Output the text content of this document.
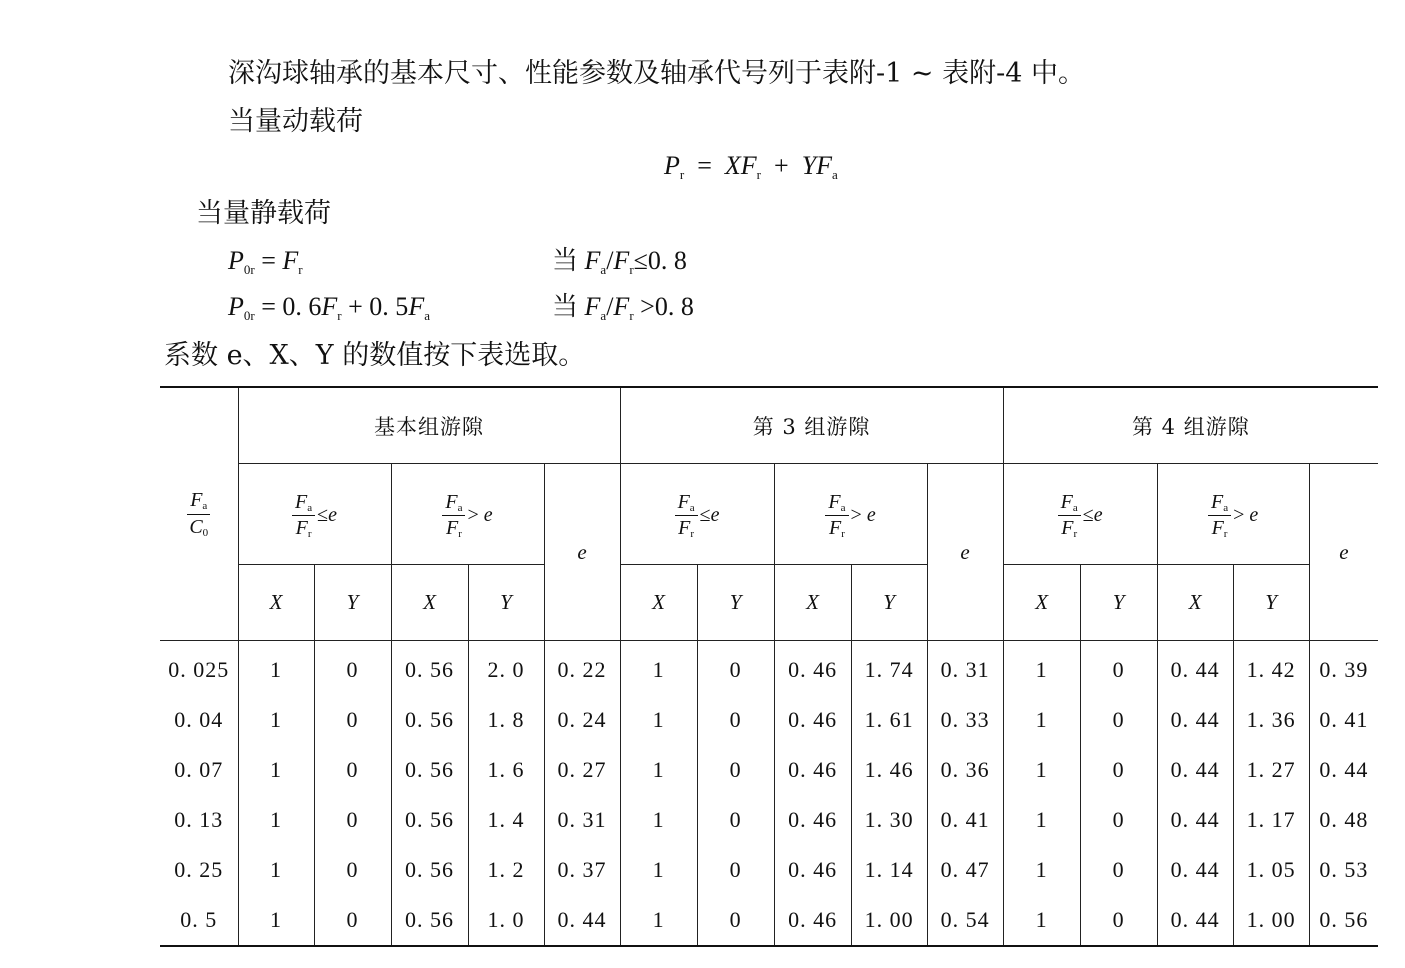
深沟球轴承的基本尺寸、性能参数及轴承代号列于表附-1 ~ 表附-4 中。
当量动载荷
$P_r = XF_r + YF_a$
当量静载荷
$P_{0r} = F_r$	当 $F_a/F_r\le 0$. 8
$P_{0r} = 0$. $6F_r + 0$. $5F_a$	当 $F_a/F_r >0$. 8
系数 e、X、Y 的数值按下表选取。
$\frac{F_a}{C_0}$	基本组游隙					第 3 组游隙					第 4 组游隙				

	$\frac{F_a}{F_r} \le e$		$\frac{F_a}{F_r} > e$		e	$\frac{F_a}{F_r} \le e$		$\frac{F_a}{F_r} > e$		e	$\frac{F_a}{F_r} \le e$		$\frac{F_a}{F_r} > e$		e
	X	Y	X	Y		X	Y	X	Y		X	Y	X	Y	
0. 025	1	0	0. 56	2. 0	0. 22	1	0	0. 46	1. 74	0. 31	1	0	0. 44	1. 42	0. 39
0. 04	1	0	0. 56	1. 8	0. 24	1	0	0. 46	1. 61	0. 33	1	0	0. 44	1. 36	0. 41
0. 07	1	0	0. 56	1. 6	0. 27	1	0	0. 46	1. 46	0. 36	1	0	0. 44	1. 27	0. 44
0. 13	1	0	0. 56	1. 4	0. 31	1	0	0. 46	1. 30	0. 41	1	0	0. 44	1. 17	0. 48
0. 25	1	0	0. 56	1. 2	0. 37	1	0	0. 46	1. 14	0. 47	1	0	0. 44	1. 05	0. 53
0. 5	1	0	0. 56	1. 0	0. 44	1	0	0. 46	1. 00	0. 54	1	0	0. 44	1. 00	0. 56
